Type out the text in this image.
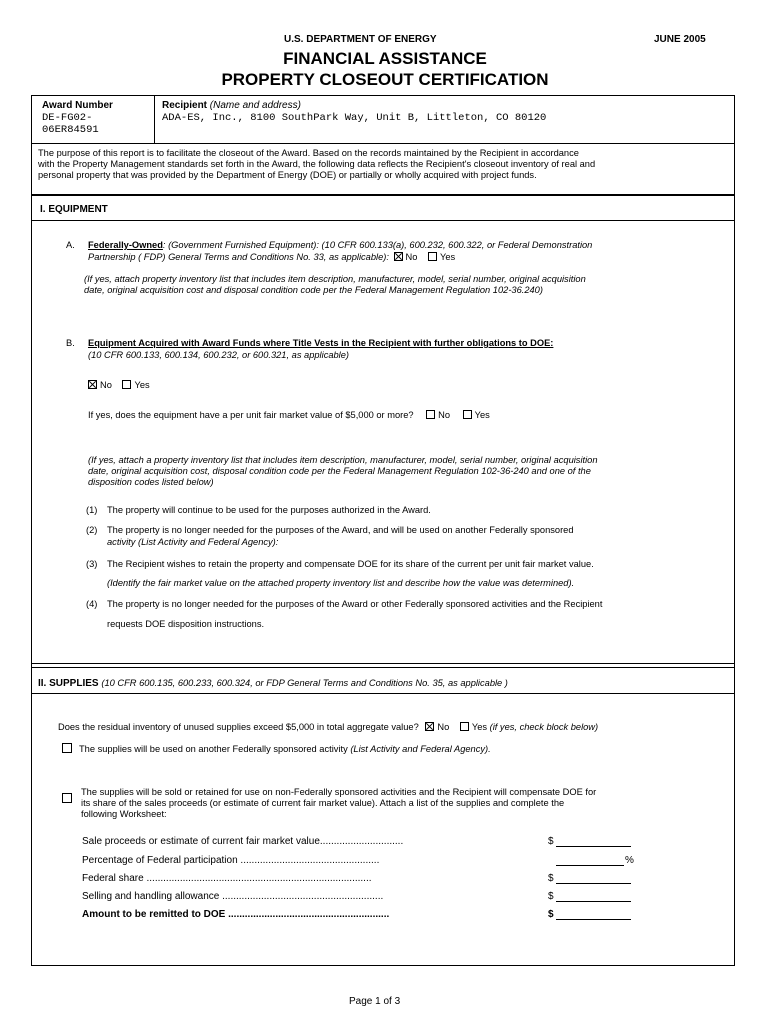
U.S. DEPARTMENT OF ENERGY	JUNE 2005
FINANCIAL ASSISTANCE
PROPERTY CLOSEOUT CERTIFICATION
Award Number
DE-FG02-
06ER84591
Recipient (Name and address)
ADA-ES, Inc., 8100 SouthPark Way, Unit B, Littleton, CO 80120
The purpose of this report is to facilitate the closeout of the Award. Based on the records maintained by the Recipient in accordance
with the Property Management standards set forth in the Award, the following data reflects the Recipient's closeout inventory of real and
personal property that was provided by the Department of Energy (DOE) or partially or wholly acquired with project funds.
I. EQUIPMENT
A. Federally-Owned: (Government Furnished Equipment): (10 CFR 600.133(a), 600.232, 600.322, or Federal Demonstration
Partnership ( FDP) General Terms and Conditions No. 33, as applicable): No Yes
(If yes, attach property inventory list that includes item description, manufacturer, model, serial number, original acquisition
date, original acquisition cost and disposal condition code per the Federal Management Regulation 102-36.240)
B. Equipment Acquired with Award Funds where Title Vests in the Recipient with further obligations to DOE:
(10 CFR 600.133, 600.134, 600.232, or 600.321, as applicable)
No Yes
If yes, does the equipment have a per unit fair market value of $5,000 or more?	No	Yes
(If yes, attach a property inventory list that includes item description, manufacturer, model, serial number, original acquisition
date, original acquisition cost, disposal condition code per the Federal Management Regulation 102-36-240 and one of the
disposition codes listed below)
(1) The property will continue to be used for the purposes authorized in the Award.
(2) The property is no longer needed for the purposes of the Award, and will be used on another Federally sponsored
activity (List Activity and Federal Agency):
(3) The Recipient wishes to retain the property and compensate DOE for its share of the current per unit fair market value.
(Identify the fair market value on the attached property inventory list and describe how the value was determined).
(4) The property is no longer needed for the purposes of the Award or other Federally sponsored activities and the Recipient
requests DOE disposition instructions.
II. SUPPLIES (10 CFR 600.135, 600.233, 600.324, or FDP General Terms and Conditions No. 35, as applicable )
Does the residual inventory of unused supplies exceed $5,000 in total aggregate value? No Yes (if yes, check block below)
The supplies will be used on another Federally sponsored activity (List Activity and Federal Agency).
The supplies will be sold or retained for use on non-Federally sponsored activities and the Recipient will compensate DOE for
its share of the sales proceeds (or estimate of current fair market value). Attach a list of the supplies and complete the
following Worksheet:
Sale proceeds or estimate of current fair market value..............................	$
Percentage of Federal participation ..................................................	%
Federal share .................................................................................	$
Selling and handling allowance ..........................................................	$
Amount to be remitted to DOE ..........................................................	$
Page 1 of 3
